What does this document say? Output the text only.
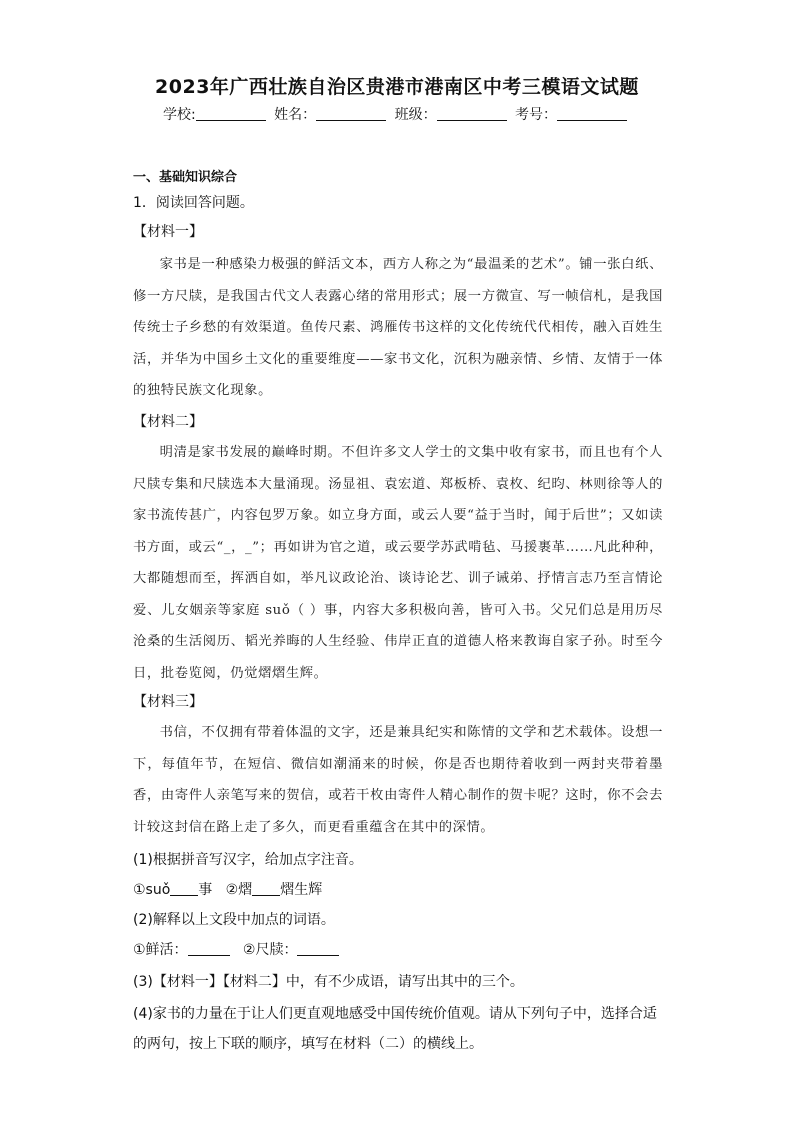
2023年广西壮族自治区贵港市港南区中考三模语文试题
学校:	姓名：	班级：	考号：
一、基础知识综合
1．阅读回答问题。
【材料一】

家书是一种感染力极强的鲜活文本，西方人称之为“最温柔的艺术”。铺一张白纸、修一方尺牍，是我国古代文人表露心绪的常用形式；展一方微宣、写一帧信札，是我国传统士子乡愁的有效渠道。鱼传尺素、鸿雁传书这样的文化传统代代相传，融入百姓生活，并华为中国乡土文化的重要维度——家书文化，沉积为融亲情、乡情、友情于一体的独特民族文化现象。

【材料二】

明清是家书发展的巅峰时期。不但许多文人学士的文集中收有家书，而且也有个人尺牍专集和尺牍选本大量涌现。汤显祖、袁宏道、郑板桥、袁枚、纪昀、林则徐等人的家书流传甚广，内容包罗万象。如立身方面，或云人要“益于当时，闻于后世”；又如读书方面，或云“_，_”；再如讲为官之道，或云要学苏武啃毡、马援裹革……凡此种种，大都随想而至，挥洒自如，举凡议政论治、谈诗论艺、训子诫弟、抒情言志乃至言情论爱、儿女姻亲等家庭 suǒ（ ）事，内容大多积极向善，皆可入书。父兄们总是用历尽沧桑的生活阅历、韬光养晦的人生经验、伟岸正直的道德人格来教诲自家子孙。时至今日，批卷览阅，仍觉熠熠生辉。

【材料三】

书信，不仅拥有带着体温的文字，还是兼具纪实和陈情的文学和艺术载体。设想一下，每值年节，在短信、微信如潮涌来的时候，你是否也期待着收到一两封夹带着墨香，由寄件人亲笔写来的贺信，或若干枚由寄件人精心制作的贺卡呢？这时，你不会去计较这封信在路上走了多久，而更看重蕴含在其中的深情。

(1)根据拼音写汉字，给加点字注音。
①suǒ 事 ②熠 熠生辉
(2)解释以上文段中加点的词语。
①鲜活：	②尺牍：
(3)【材料一】【材料二】中，有不少成语，请写出其中的三个。
(4)家书的力量在于让人们更直观地感受中国传统价值观。请从下列句子中，选择合适的两句，按上下联的顺序，填写在材料（二）的横线上。
